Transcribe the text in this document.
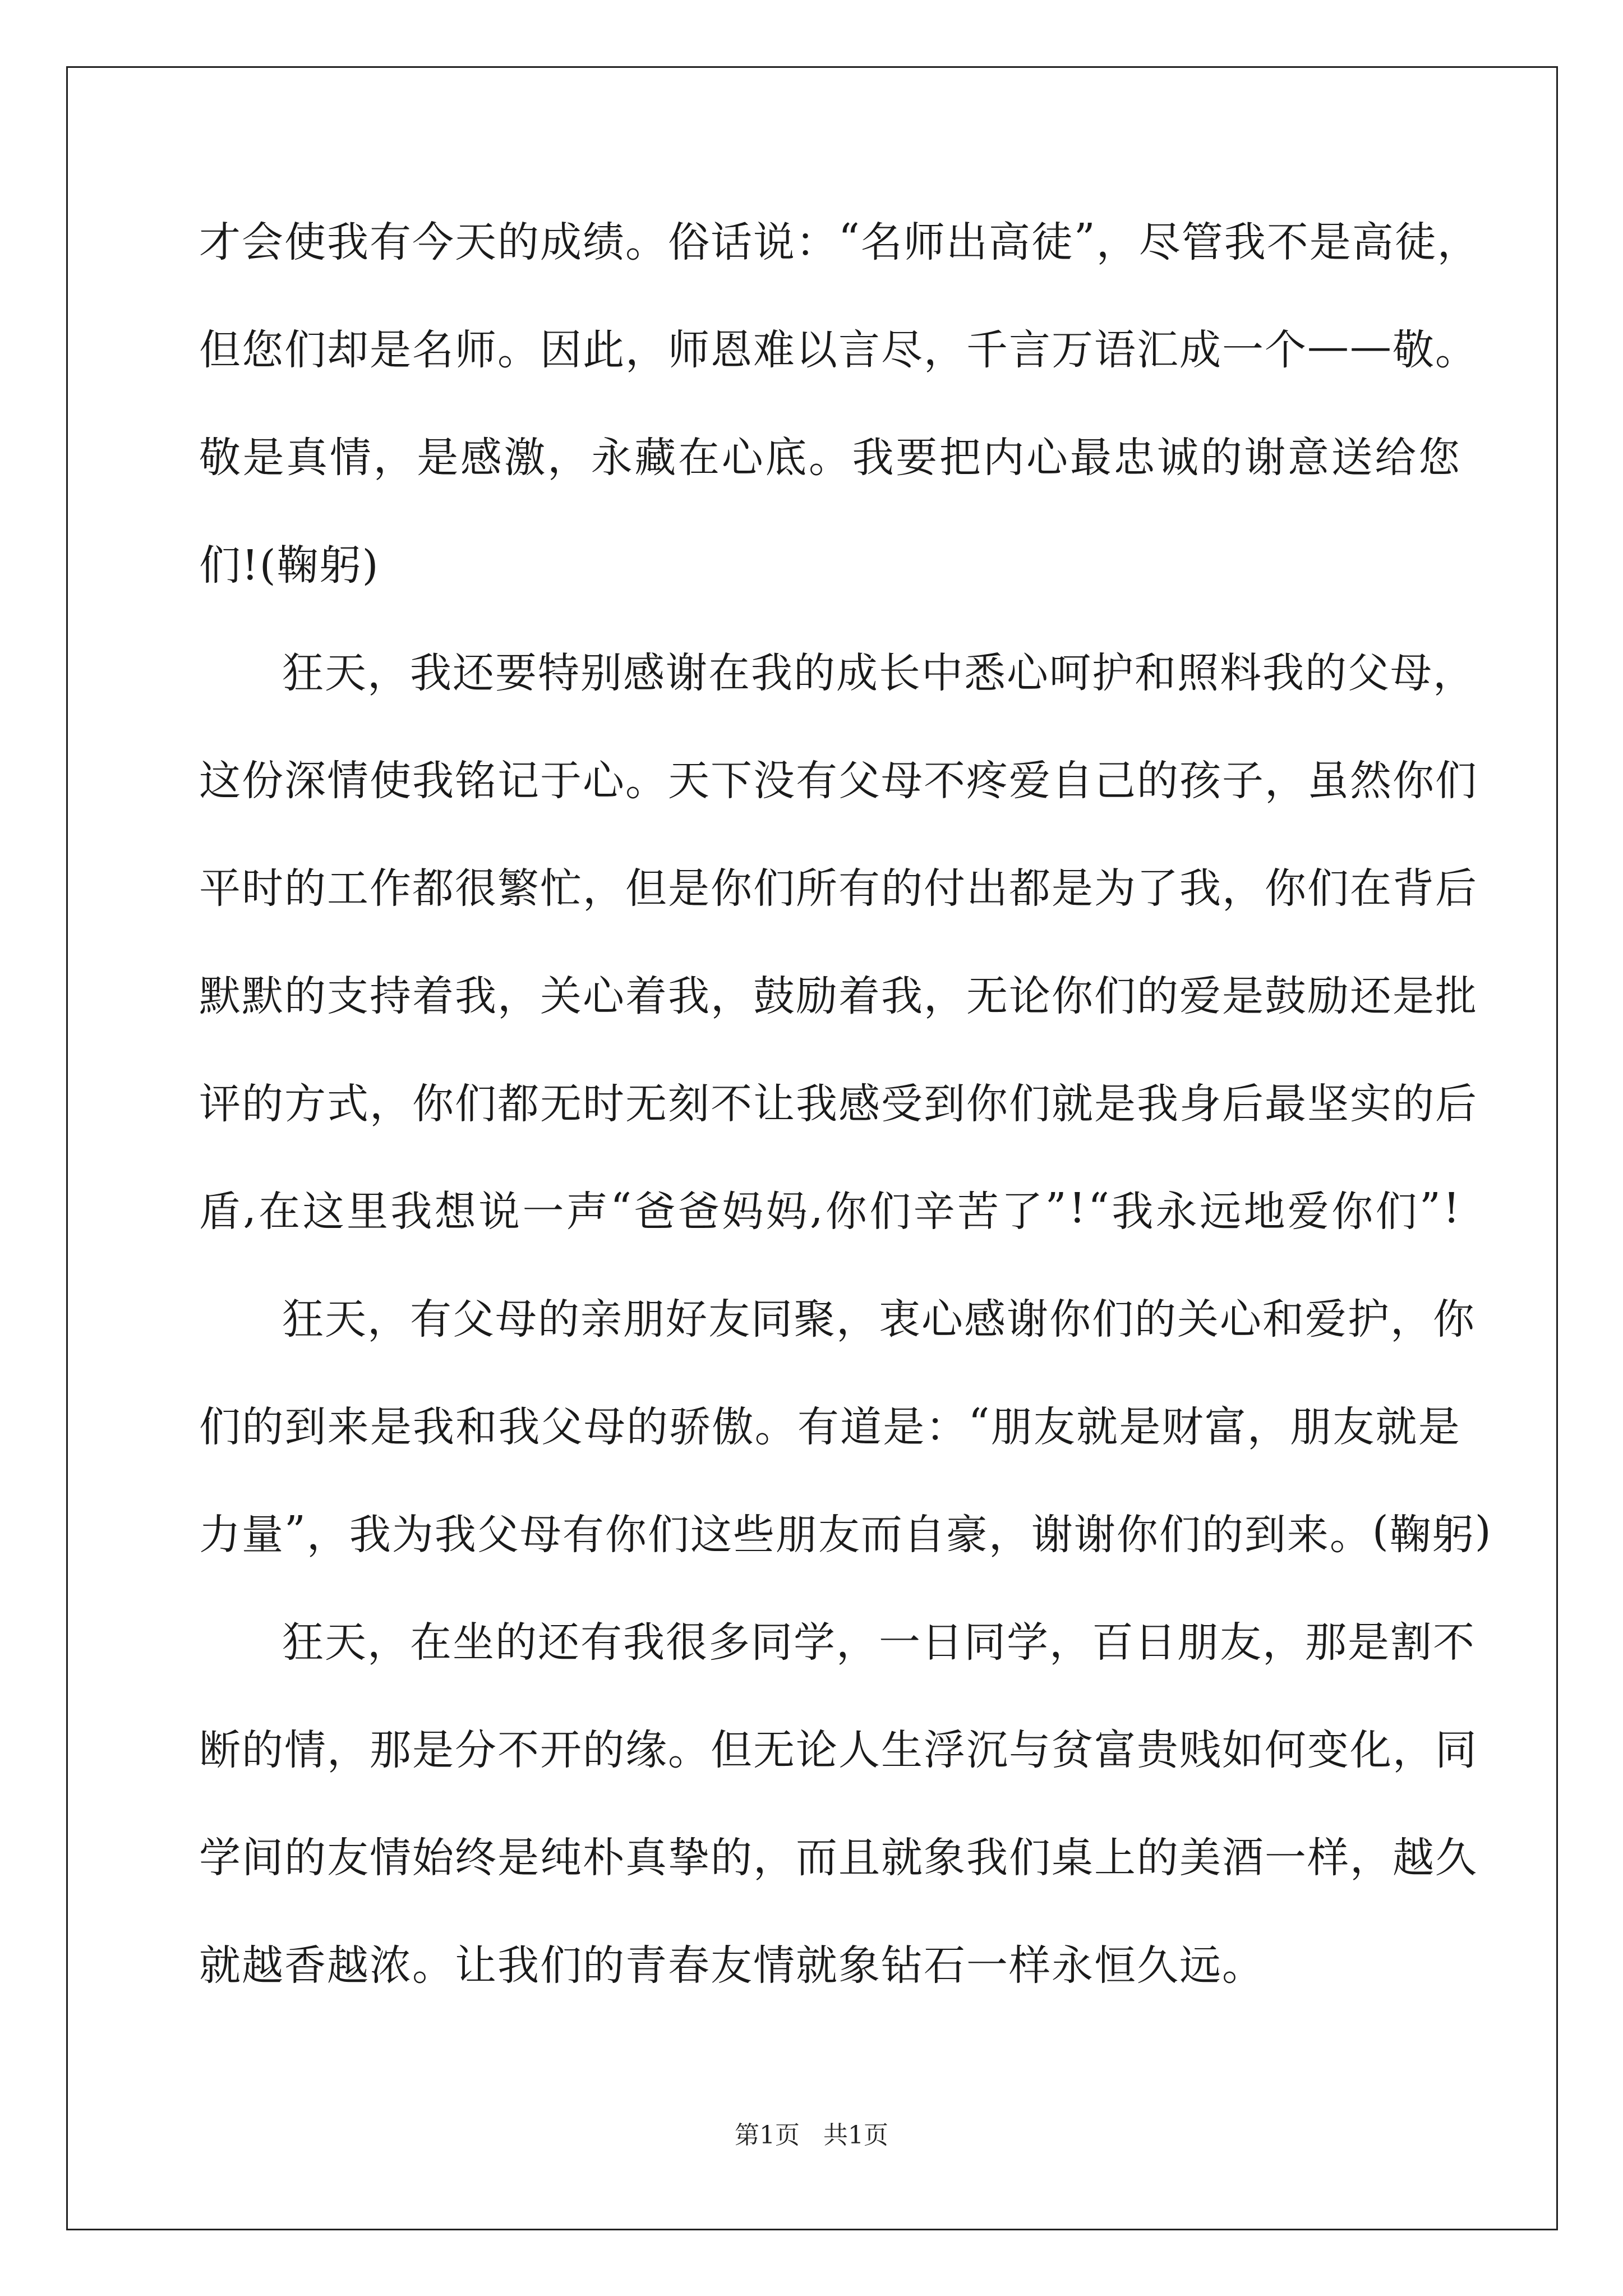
才 会 使 我 有 今 天 的 成 绩 。 俗 话 说 ： “ 名 师 出 高 徒 ” ， 尽 管 我 不 是 高 徒 ，
但 您 们 却 是 名 师 。 因 此 ， 师 恩 难 以 言 尽 ， 千 言 万 语 汇 成 一 个 — — 敬 。
敬 是 真 情 ， 是 感 激 ， 永 藏 在 心 底 。 我 要 把 内 心 最 忠 诚 的 谢 意 送 给 您
们!(鞠躬)
狂 天 ， 我 还 要 特 别 感 谢 在 我 的 成 长 中 悉 心 呵 护 和 照 料 我 的 父 母 ，
这 份 深 情 使 我 铭 记 于 心 。 天 下 没 有 父 母 不 疼 爱 自 己 的 孩 子 ， 虽 然 你 们
平 时 的 工 作 都 很 繁 忙 ， 但 是 你 们 所 有 的 付 出 都 是 为 了 我 ， 你 们 在 背 后
默 默 的 支 持 着 我 ， 关 心 着 我 ， 鼓 励 着 我 ， 无 论 你 们 的 爱 是 鼓 励 还 是 批
评 的 方 式 ， 你 们 都 无 时 无 刻 不 让 我 感 受 到 你 们 就 是 我 身 后 最 坚 实 的 后
盾 , 在 这 里 我 想 说 一 声 “ 爸 爸 妈 妈 , 你 们 辛 苦 了 ” ! “ 我 永 远 地 爱 你 们 ” !
狂 天 ， 有 父 母 的 亲 朋 好 友 同 聚 ， 衷 心 感 谢 你 们 的 关 心 和 爱 护 ， 你
们 的 到 来 是 我 和 我 父 母 的 骄 傲 。 有 道 是 ： “ 朋 友 就 是 财 富 ， 朋 友 就 是
力 量 ” ， 我 为 我 父 母 有 你 们 这 些 朋 友 而 自 豪 ， 谢 谢 你 们 的 到 来 。 ( 鞠 躬 )
狂 天 ， 在 坐 的 还 有 我 很 多 同 学 ， 一 日 同 学 ， 百 日 朋 友 ， 那 是 割 不
断 的 情 ， 那 是 分 不 开 的 缘 。 但 无 论 人 生 浮 沉 与 贫 富 贵 贱 如 何 变 化 ， 同
学 间 的 友 情 始 终 是 纯 朴 真 挚 的 ， 而 且 就 象 我 们 桌 上 的 美 酒 一 样 ， 越 久
就越香越浓。让我们的青春友情就象钻石一样永恒久远。
第1页 共1页
